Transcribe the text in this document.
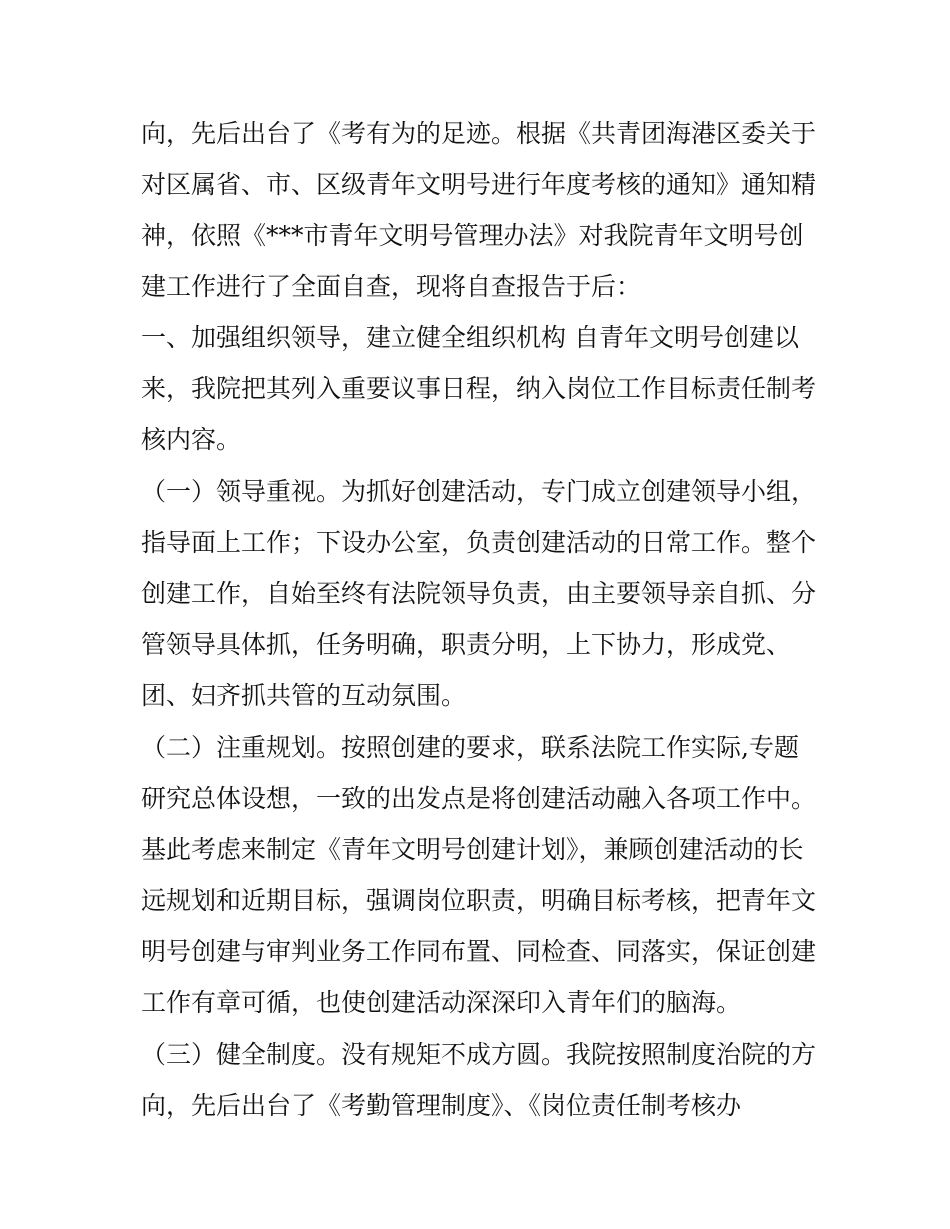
向，先后出台了《考有为的足迹。根据《共青团海港区委关于
对区属省、市、区级青年文明号进行年度考核的通知》通知精
神，依照《***市青年文明号管理办法》对我院青年文明号创
建工作进行了全面自查，现将自查报告于后：
一、加强组织领导，建立健全组织机构 自青年文明号创建以
来，我院把其列入重要议事日程，纳入岗位工作目标责任制考
核内容。
（一）领导重视。为抓好创建活动，专门成立创建领导小组，
指导面上工作；下设办公室，负责创建活动的日常工作。整个
创建工作，自始至终有法院领导负责，由主要领导亲自抓、分
管领导具体抓，任务明确，职责分明，上下协力，形成党、
团、妇齐抓共管的互动氛围。
（二）注重规划。按照创建的要求，联系法院工作实际,专题
研究总体设想，一致的出发点是将创建活动融入各项工作中。
基此考虑来制定《青年文明号创建计划》，兼顾创建活动的长
远规划和近期目标，强调岗位职责，明确目标考核，把青年文
明号创建与审判业务工作同布置、同检查、同落实，保证创建
工作有章可循，也使创建活动深深印入青年们的脑海。
（三）健全制度。没有规矩不成方圆。我院按照制度治院的方
向，先后出台了《考勤管理制度》、《岗位责任制考核办
